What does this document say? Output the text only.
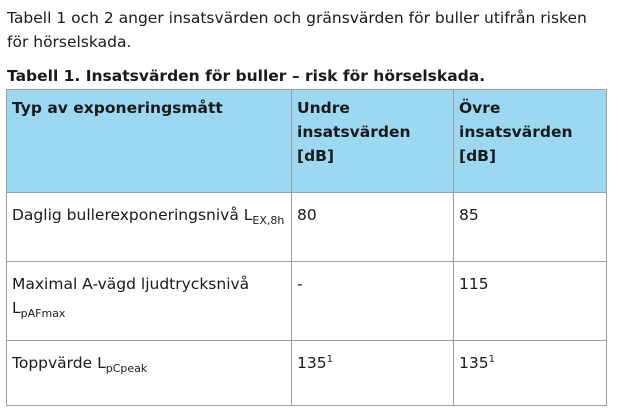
Tabell 1 och 2 anger insatsvärden och gränsvärden för buller utifrån risken för hörselskada.

Tabell 1. Insatsvärden för buller – risk för hörselskada.

Typ av exponeringsmått	Undre insatsvärden [dB]	Övre insatsvärden [dB]
Daglig bullerexponeringsnivå $L_{EX,8h}$	80	85
Maximal A-vägd ljudtrycksnivå $L_{pAFmax}$	-	115
Toppvärde $L_{pCpeak}$	$135^1$	$135^1$
